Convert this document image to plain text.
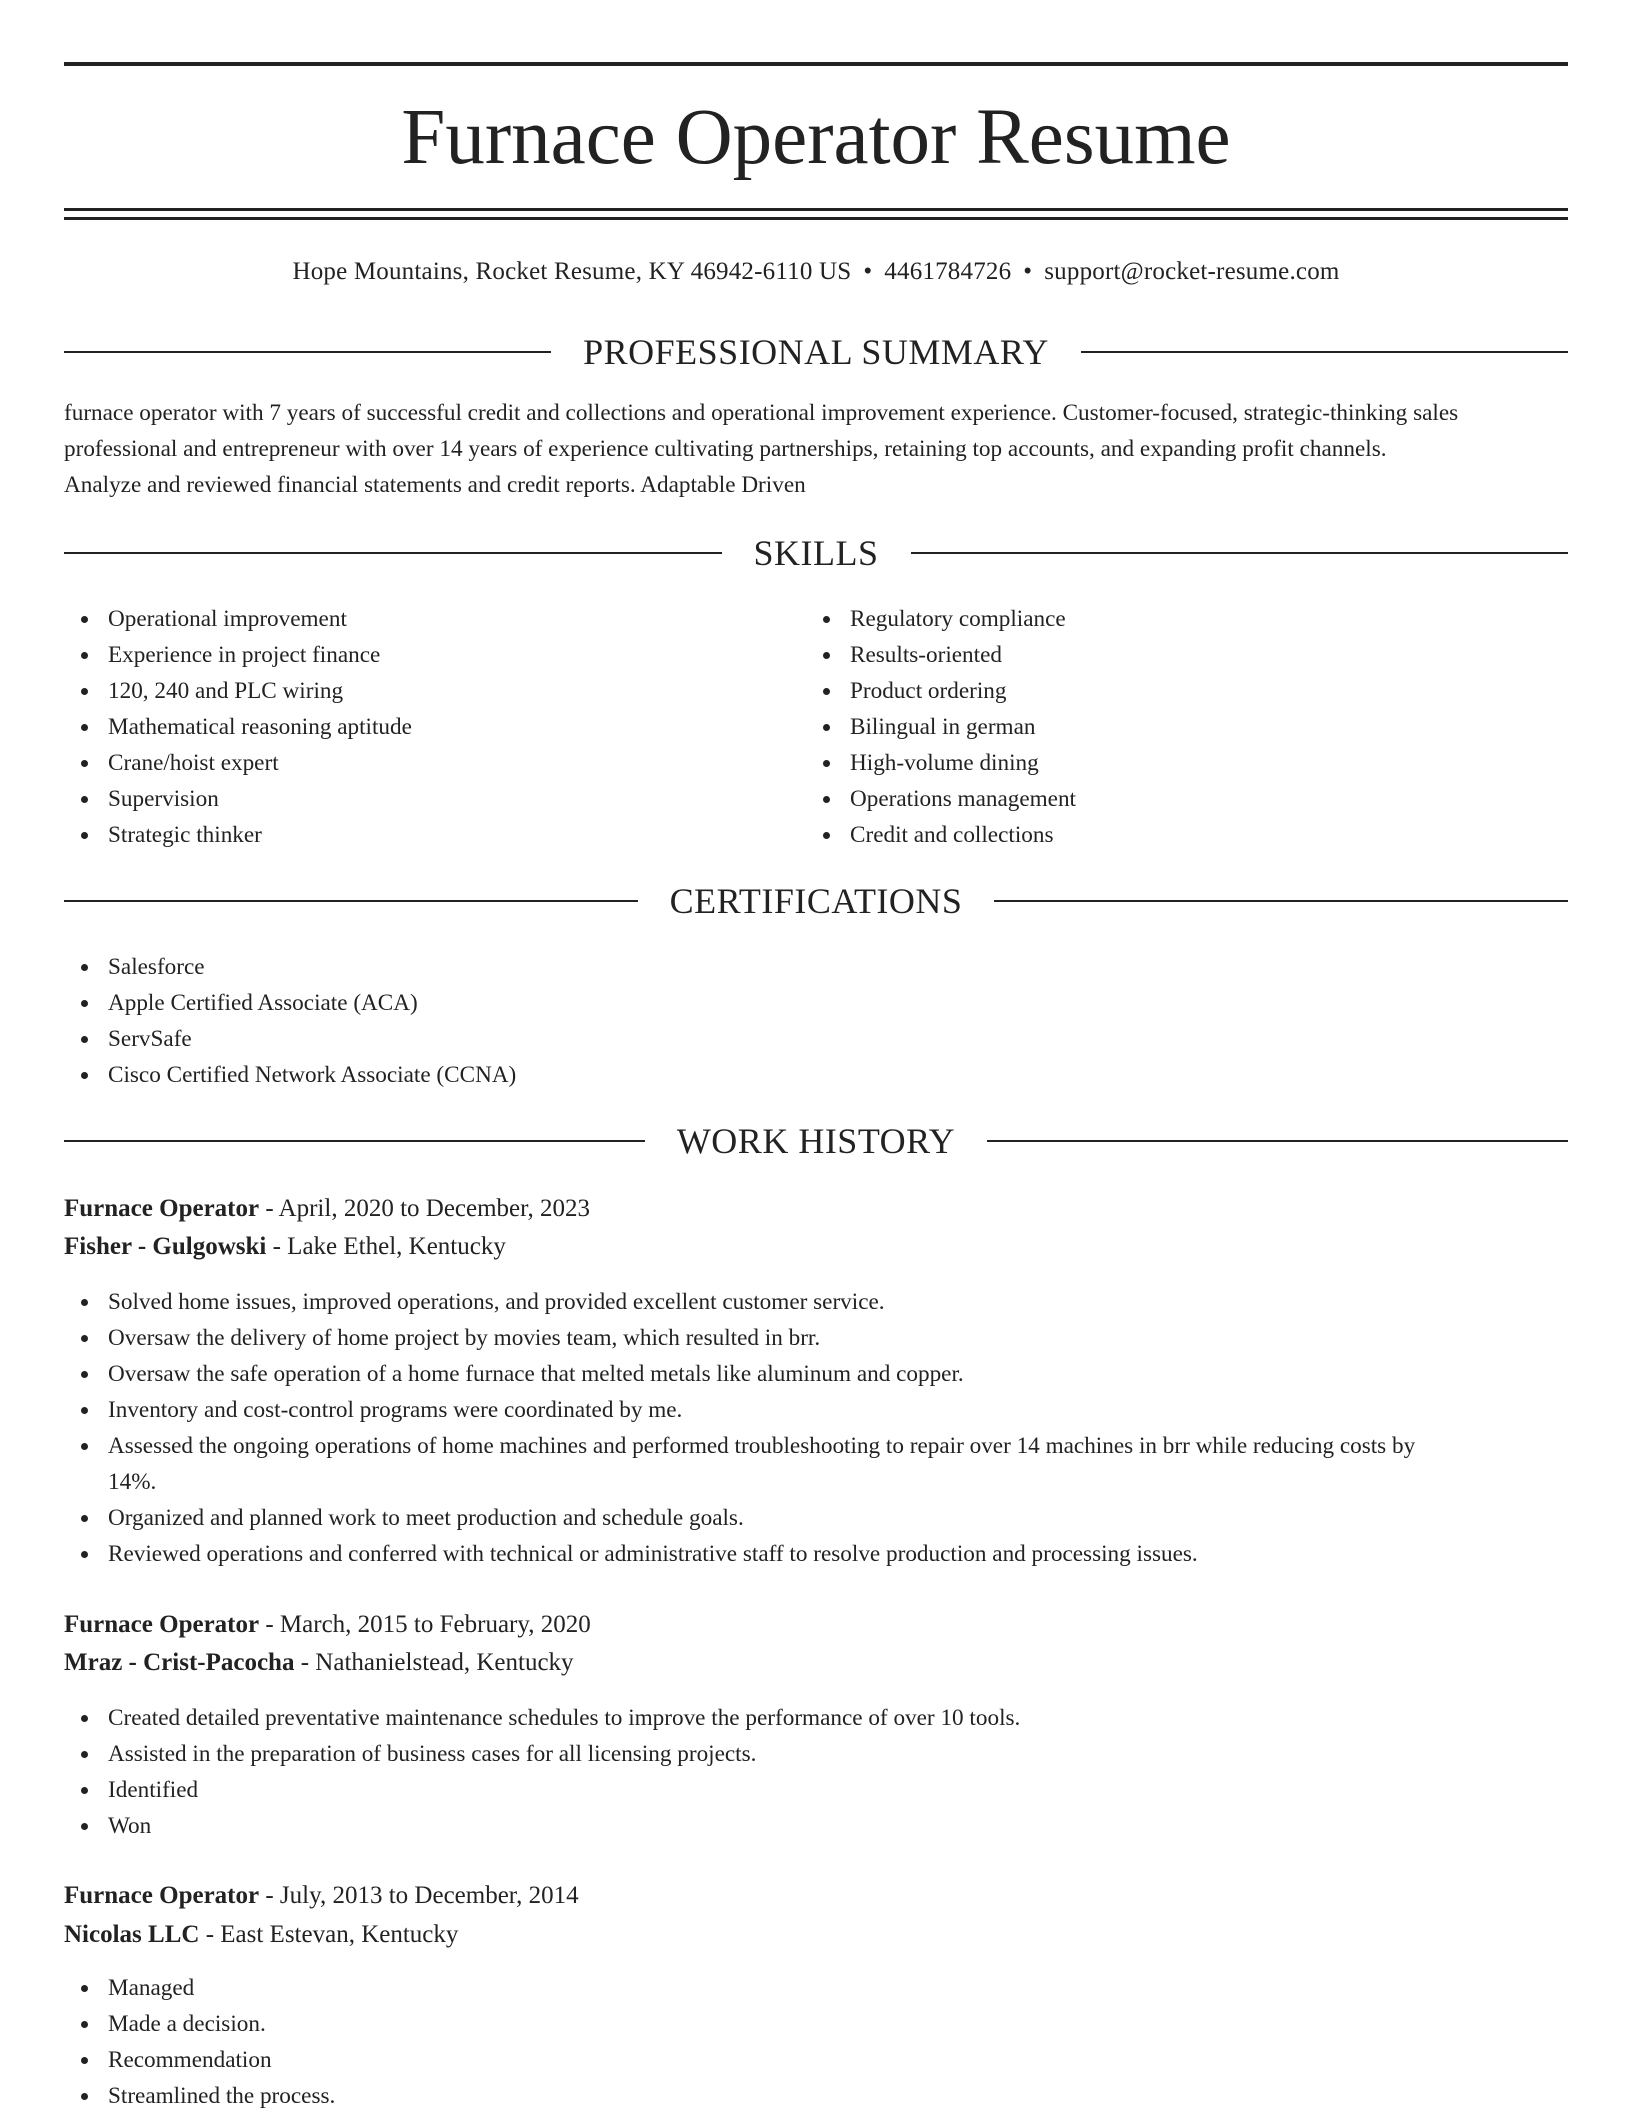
Furnace Operator Resume
Hope Mountains, Rocket Resume, KY 46942-6110 US • 4461784726 • support@rocket-resume.com
PROFESSIONAL SUMMARY
furnace operator with 7 years of successful credit and collections and operational improvement experience. Customer-focused, strategic-thinking sales
professional and entrepreneur with over 14 years of experience cultivating partnerships, retaining top accounts, and expanding profit channels.
Analyze and reviewed financial statements and credit reports. Adaptable Driven
SKILLS
Operational improvement
Experience in project finance
120, 240 and PLC wiring
Mathematical reasoning aptitude
Crane/hoist expert
Supervision
Strategic thinker
Regulatory compliance
Results-oriented
Product ordering
Bilingual in german
High-volume dining
Operations management
Credit and collections
CERTIFICATIONS
Salesforce
Apple Certified Associate (ACA)
ServSafe
Cisco Certified Network Associate (CCNA)
WORK HISTORY
Furnace Operator - April, 2020 to December, 2023
Fisher - Gulgowski - Lake Ethel, Kentucky
Solved home issues, improved operations, and provided excellent customer service.
Oversaw the delivery of home project by movies team, which resulted in brr.
Oversaw the safe operation of a home furnace that melted metals like aluminum and copper.
Inventory and cost-control programs were coordinated by me.
Assessed the ongoing operations of home machines and performed troubleshooting to repair over 14 machines in brr while reducing costs by
14%.
Organized and planned work to meet production and schedule goals.
Reviewed operations and conferred with technical or administrative staff to resolve production and processing issues.
Furnace Operator - March, 2015 to February, 2020
Mraz - Crist-Pacocha - Nathanielstead, Kentucky
Created detailed preventative maintenance schedules to improve the performance of over 10 tools.
Assisted in the preparation of business cases for all licensing projects.
Identified
Won
Furnace Operator - July, 2013 to December, 2014
Nicolas LLC - East Estevan, Kentucky
Managed
Made a decision.
Recommendation
Streamlined the process.
